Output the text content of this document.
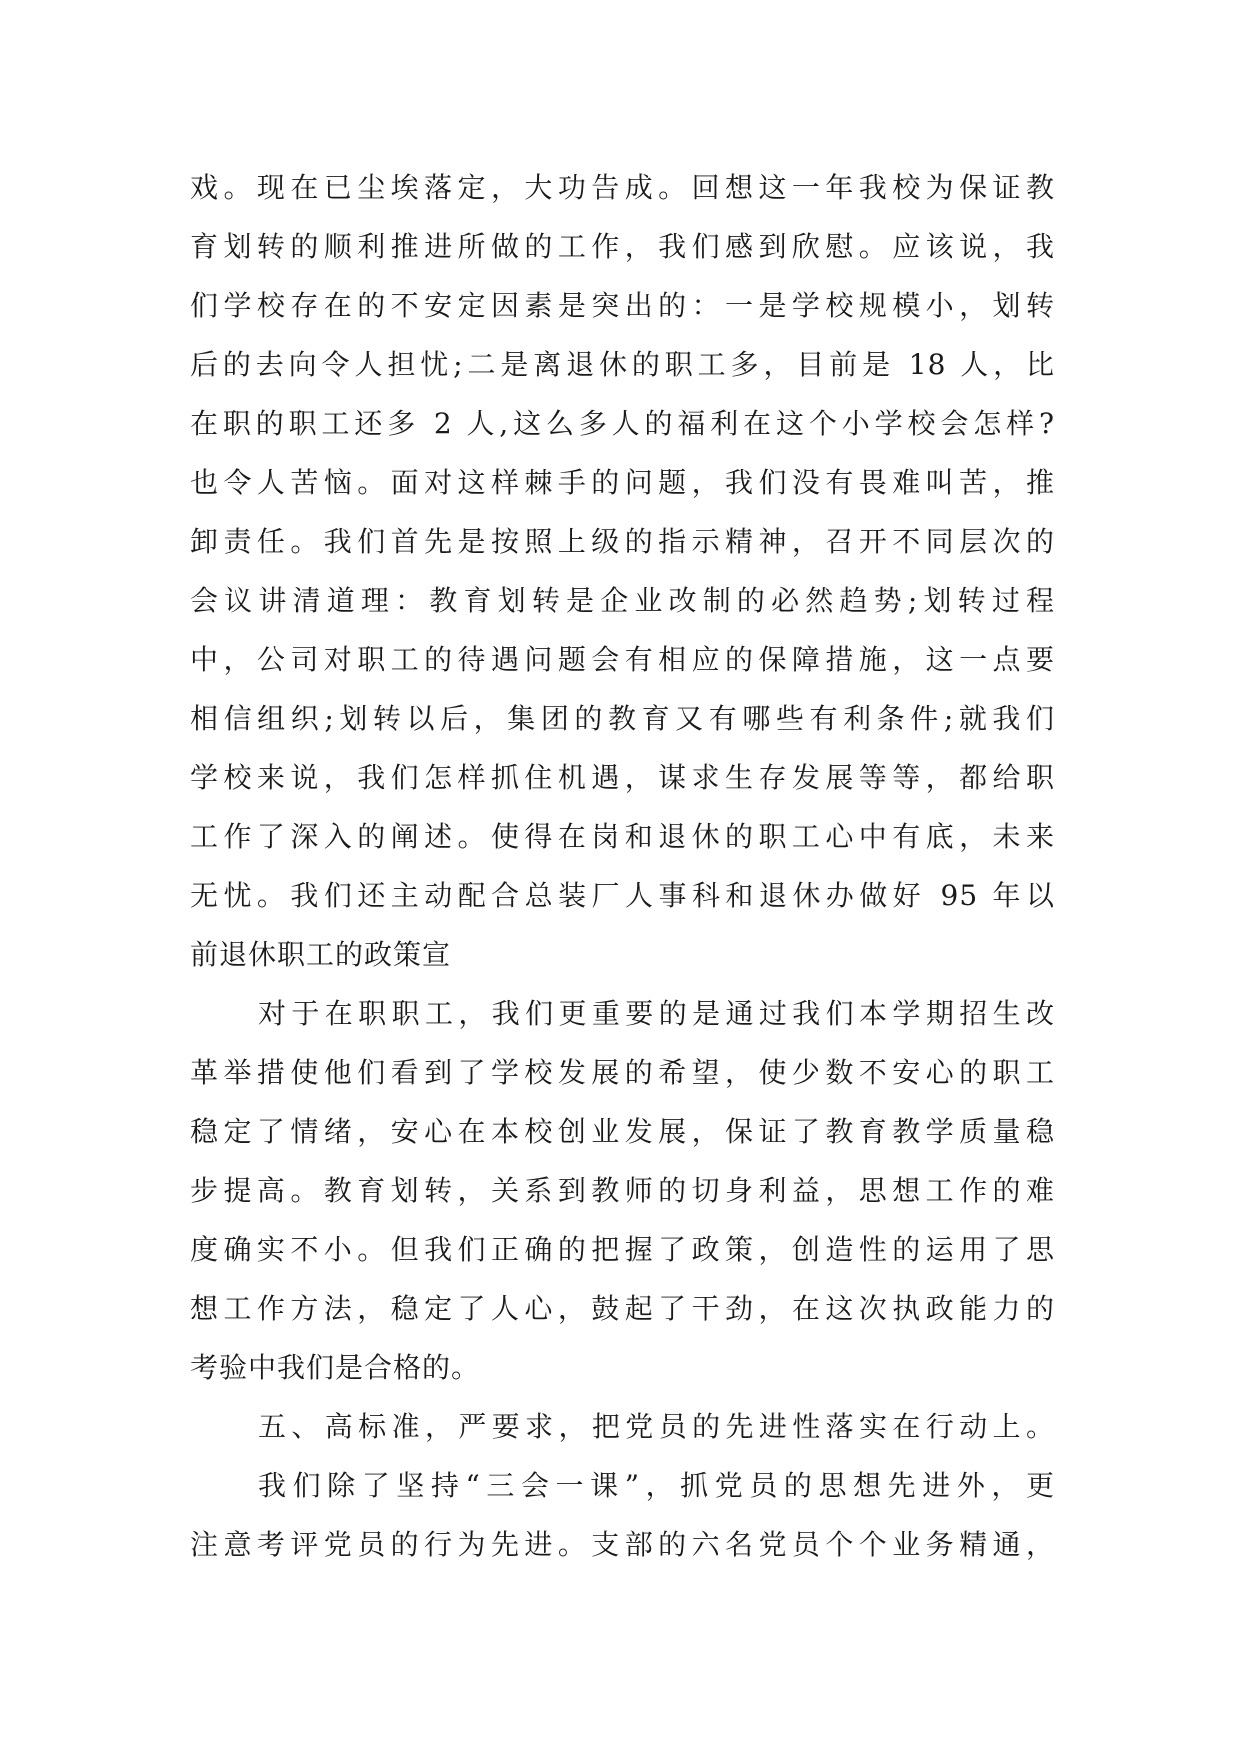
戏。现在已尘埃落定，大功告成。回想这一年我校为保证教
育划转的顺利推进所做的工作，我们感到欣慰。应该说，我
们学校存在的不安定因素是突出的：一是学校规模小，划转
后的去向令人担忧;二是离退休的职工多，目前是 18 人，比
在职的职工还多 2 人,这么多人的福利在这个小学校会怎样?
也令人苦恼。面对这样棘手的问题，我们没有畏难叫苦，推
卸责任。我们首先是按照上级的指示精神，召开不同层次的
会议讲清道理：教育划转是企业改制的必然趋势;划转过程
中，公司对职工的待遇问题会有相应的保障措施，这一点要
相信组织;划转以后，集团的教育又有哪些有利条件;就我们
学校来说，我们怎样抓住机遇，谋求生存发展等等，都给职
工作了深入的阐述。使得在岗和退休的职工心中有底，未来
无忧。我们还主动配合总装厂人事科和退休办做好 95 年以
前退休职工的政策宣
对于在职职工，我们更重要的是通过我们本学期招生改
革举措使他们看到了学校发展的希望，使少数不安心的职工
稳定了情绪，安心在本校创业发展，保证了教育教学质量稳
步提高。教育划转，关系到教师的切身利益，思想工作的难
度确实不小。但我们正确的把握了政策，创造性的运用了思
想工作方法，稳定了人心，鼓起了干劲，在这次执政能力的
考验中我们是合格的。
五、高标准，严要求，把党员的先进性落实在行动上。
我们除了坚持“三会一课”，抓党员的思想先进外，更
注意考评党员的行为先进。支部的六名党员个个业务精通，
